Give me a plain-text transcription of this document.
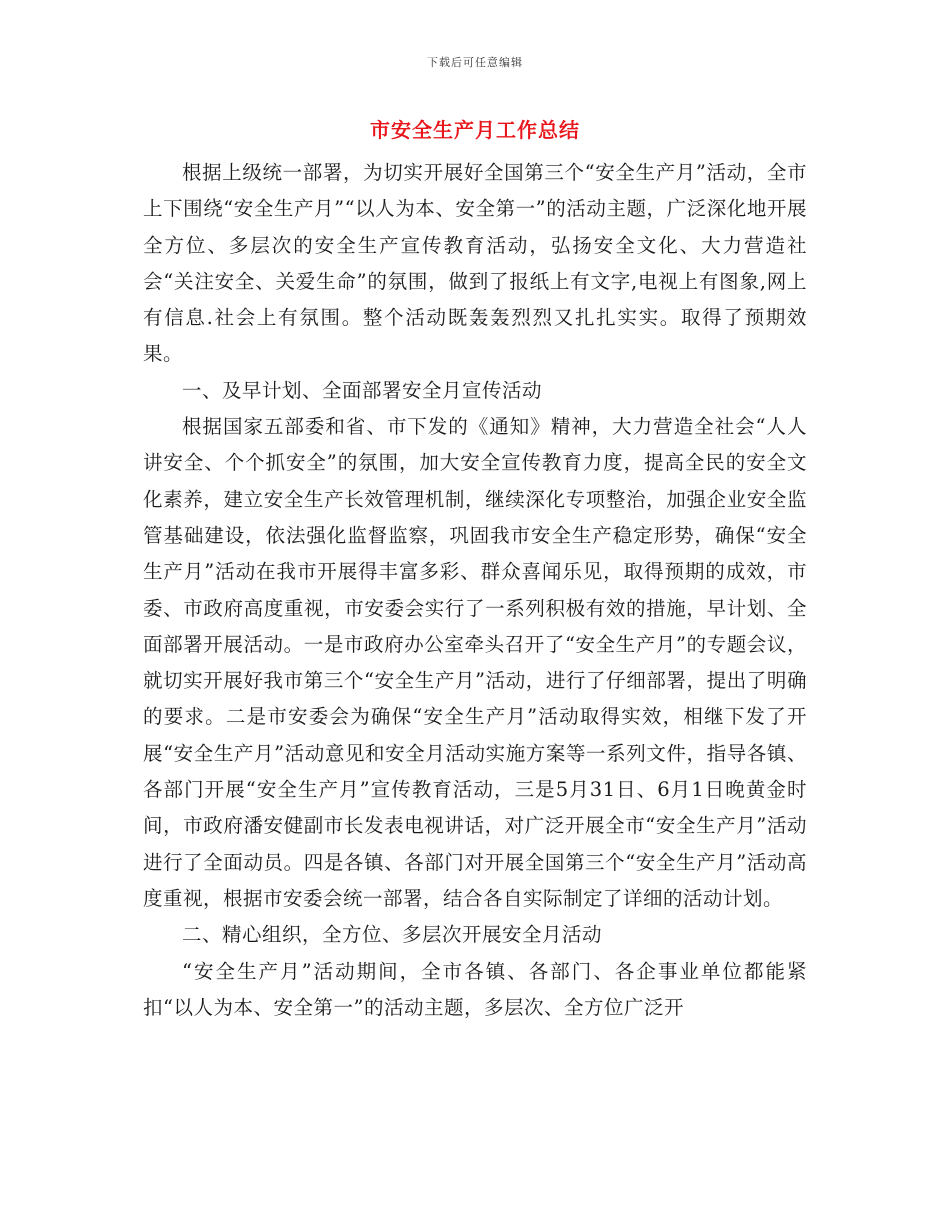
下载后可任意编辑
市安全生产月工作总结

根据上级统一部署，为切实开展好全国第三个“安全生产月”活动，全市上下围绕“安全生产月”“以人为本、安全第一”的活动主题，广泛深化地开展全方位、多层次的安全生产宣传教育活动，弘扬安全文化、大力营造社会“关注安全、关爱生命”的氛围，做到了报纸上有文字,电视上有图象,网上有信息.社会上有氛围。整个活动既轰轰烈烈又扎扎实实。取得了预期效果。

一、及早计划、全面部署安全月宣传活动

根据国家五部委和省、市下发的《通知》精神，大力营造全社会“人人讲安全、个个抓安全”的氛围，加大安全宣传教育力度，提高全民的安全文化素养，建立安全生产长效管理机制，继续深化专项整治，加强企业安全监管基础建设，依法强化监督监察，巩固我市安全生产稳定形势，确保“安全生产月”活动在我市开展得丰富多彩、群众喜闻乐见，取得预期的成效，市委、市政府高度重视，市安委会实行了一系列积极有效的措施，早计划、全面部署开展活动。一是市政府办公室牵头召开了“安全生产月”的专题会议，就切实开展好我市第三个“安全生产月”活动，进行了仔细部署，提出了明确的要求。二是市安委会为确保“安全生产月”活动取得实效，相继下发了开展“安全生产月”活动意见和安全月活动实施方案等一系列文件，指导各镇、各部门开展“安全生产月”宣传教育活动，三是5月31日、6月1日晚黄金时间，市政府潘安健副市长发表电视讲话，对广泛开展全市“安全生产月”活动进行了全面动员。四是各镇、各部门对开展全国第三个“安全生产月”活动高度重视，根据市安委会统一部署，结合各自实际制定了详细的活动计划。

二、精心组织，全方位、多层次开展安全月活动

“安全生产月”活动期间，全市各镇、各部门、各企事业单位都能紧扣“以人为本、安全第一”的活动主题，多层次、全方位广泛开
